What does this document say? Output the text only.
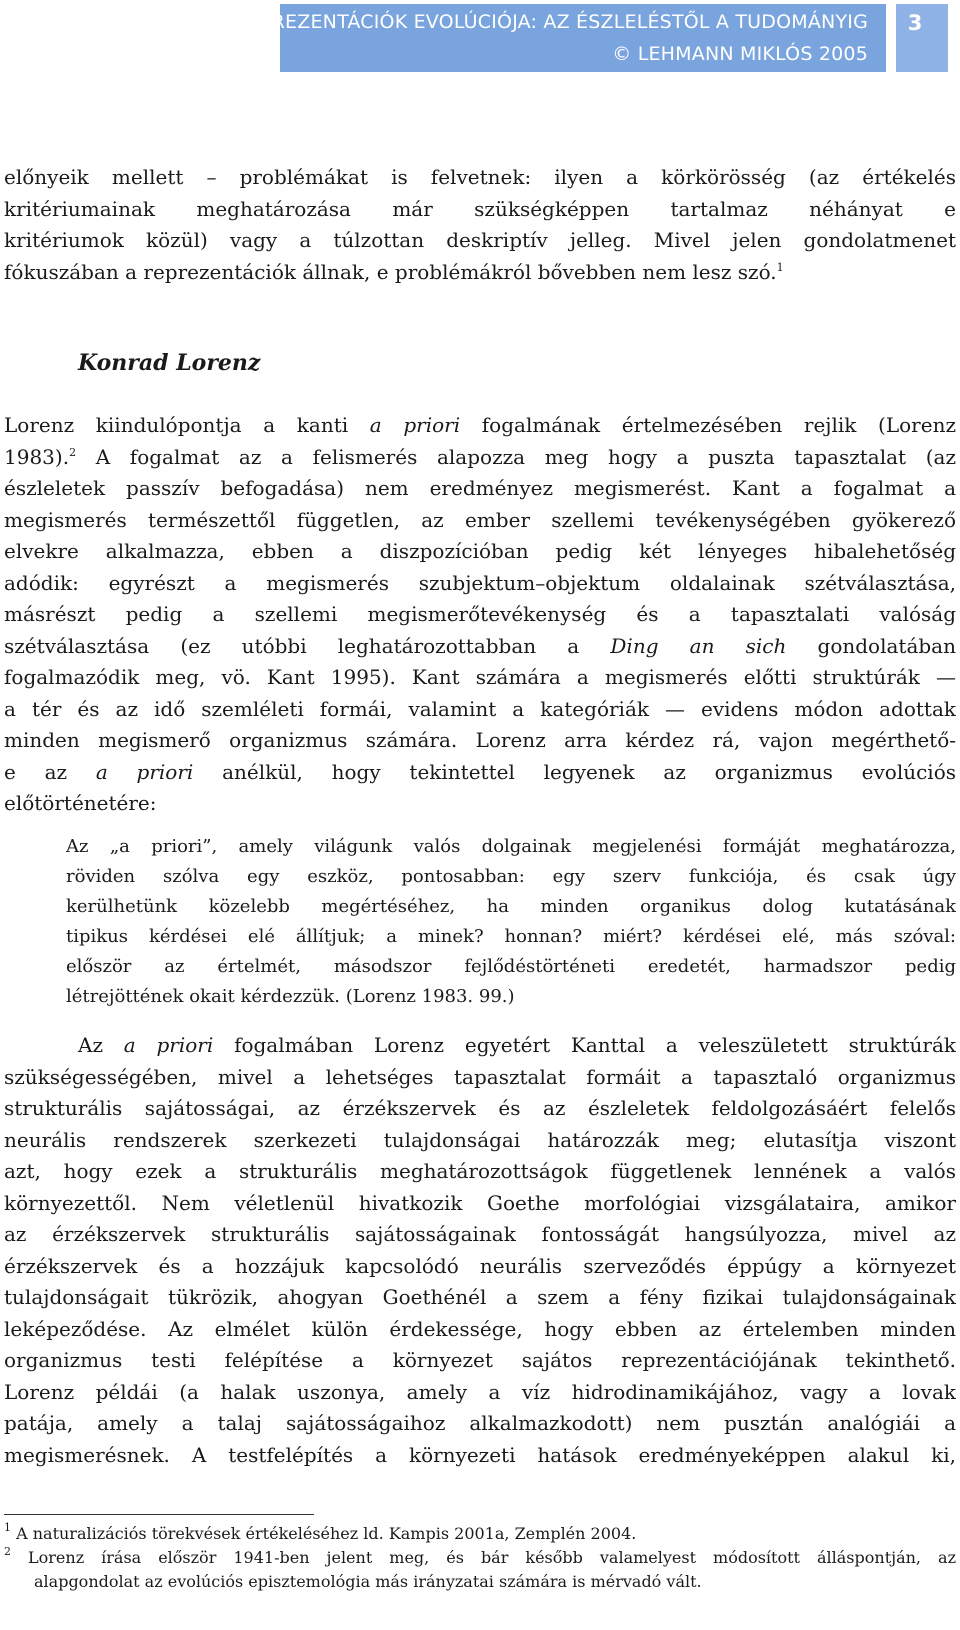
A REPREZENTÁCIÓK EVOLÚCIÓJA: AZ ÉSZLELÉSTŐL A TUDOMÁNYIG
© LEHMANN MIKLÓS 2005
3
előnyeik mellett – problémákat is felvetnek: ilyen a körkörösség (az értékelés
kritériumainak meghatározása már szükségképpen tartalmaz néhányat e
kritériumok közül) vagy a túlzottan deskriptív jelleg. Mivel jelen gondolatmenet
fókuszában a reprezentációk állnak, e problémákról bővebben nem lesz szó.$^1$
Konrad Lorenz
Lorenz kiindulópontja a kanti a priori fogalmának értelmezésében rejlik (Lorenz
1983).$^2$ A fogalmat az a felismerés alapozza meg hogy a puszta tapasztalat (az
észleletek passzív befogadása) nem eredményez megismerést. Kant a fogalmat a
megismerés természettől független, az ember szellemi tevékenységében gyökerező
elvekre alkalmazza, ebben a diszpozícióban pedig két lényeges hibalehetőség
adódik: egyrészt a megismerés szubjektum–objektum oldalainak szétválasztása,
másrészt pedig a szellemi megismerőtevékenység és a tapasztalati valóság
szétválasztása (ez utóbbi leghatározottabban a Ding an sich gondolatában
fogalmazódik meg, vö. Kant 1995). Kant számára a megismerés előtti struktúrák —
a tér és az idő szemléleti formái, valamint a kategóriák — evidens módon adottak
minden megismerő organizmus számára. Lorenz arra kérdez rá, vajon megérthető-
e az a priori anélkül, hogy tekintettel legyenek az organizmus evolúciós
előtörténetére:
Az „a priori”, amely világunk valós dolgainak megjelenési formáját meghatározza,
röviden szólva egy eszköz, pontosabban: egy szerv funkciója, és csak úgy
kerülhetünk közelebb megértéséhez, ha minden organikus dolog kutatásának
tipikus kérdései elé állítjuk; a minek? honnan? miért? kérdései elé, más szóval:
először az értelmét, másodszor fejlődéstörténeti eredetét, harmadszor pedig
létrejöttének okait kérdezzük. (Lorenz 1983. 99.)
Az a priori fogalmában Lorenz egyetért Kanttal a veleszületett struktúrák
szükségességében, mivel a lehetséges tapasztalat formáit a tapasztaló organizmus
strukturális sajátosságai, az érzékszervek és az észleletek feldolgozásáért felelős
neurális rendszerek szerkezeti tulajdonságai határozzák meg; elutasítja viszont
azt, hogy ezek a strukturális meghatározottságok függetlenek lennének a valós
környezettől. Nem véletlenül hivatkozik Goethe morfológiai vizsgálataira, amikor
az érzékszervek strukturális sajátosságainak fontosságát hangsúlyozza, mivel az
érzékszervek és a hozzájuk kapcsolódó neurális szerveződés éppúgy a környezet
tulajdonságait tükrözik, ahogyan Goethénél a szem a fény fizikai tulajdonságainak
leképeződése. Az elmélet külön érdekessége, hogy ebben az értelemben minden
organizmus testi felépítése a környezet sajátos reprezentációjának tekinthető.
Lorenz példái (a halak uszonya, amely a víz hidrodinamikájához, vagy a lovak
patája, amely a talaj sajátosságaihoz alkalmazkodott) nem pusztán analógiái a
megismerésnek. A testfelépítés a környezeti hatások eredményeképpen alakul ki,
$^1$ A naturalizációs törekvések értékeléséhez ld. Kampis 2001a, Zemplén 2004.
$^2$ Lorenz írása először 1941-ben jelent meg, és bár később valamelyest módosított álláspontján, az
alapgondolat az evolúciós episztemológia más irányzatai számára is mérvadó vált.
